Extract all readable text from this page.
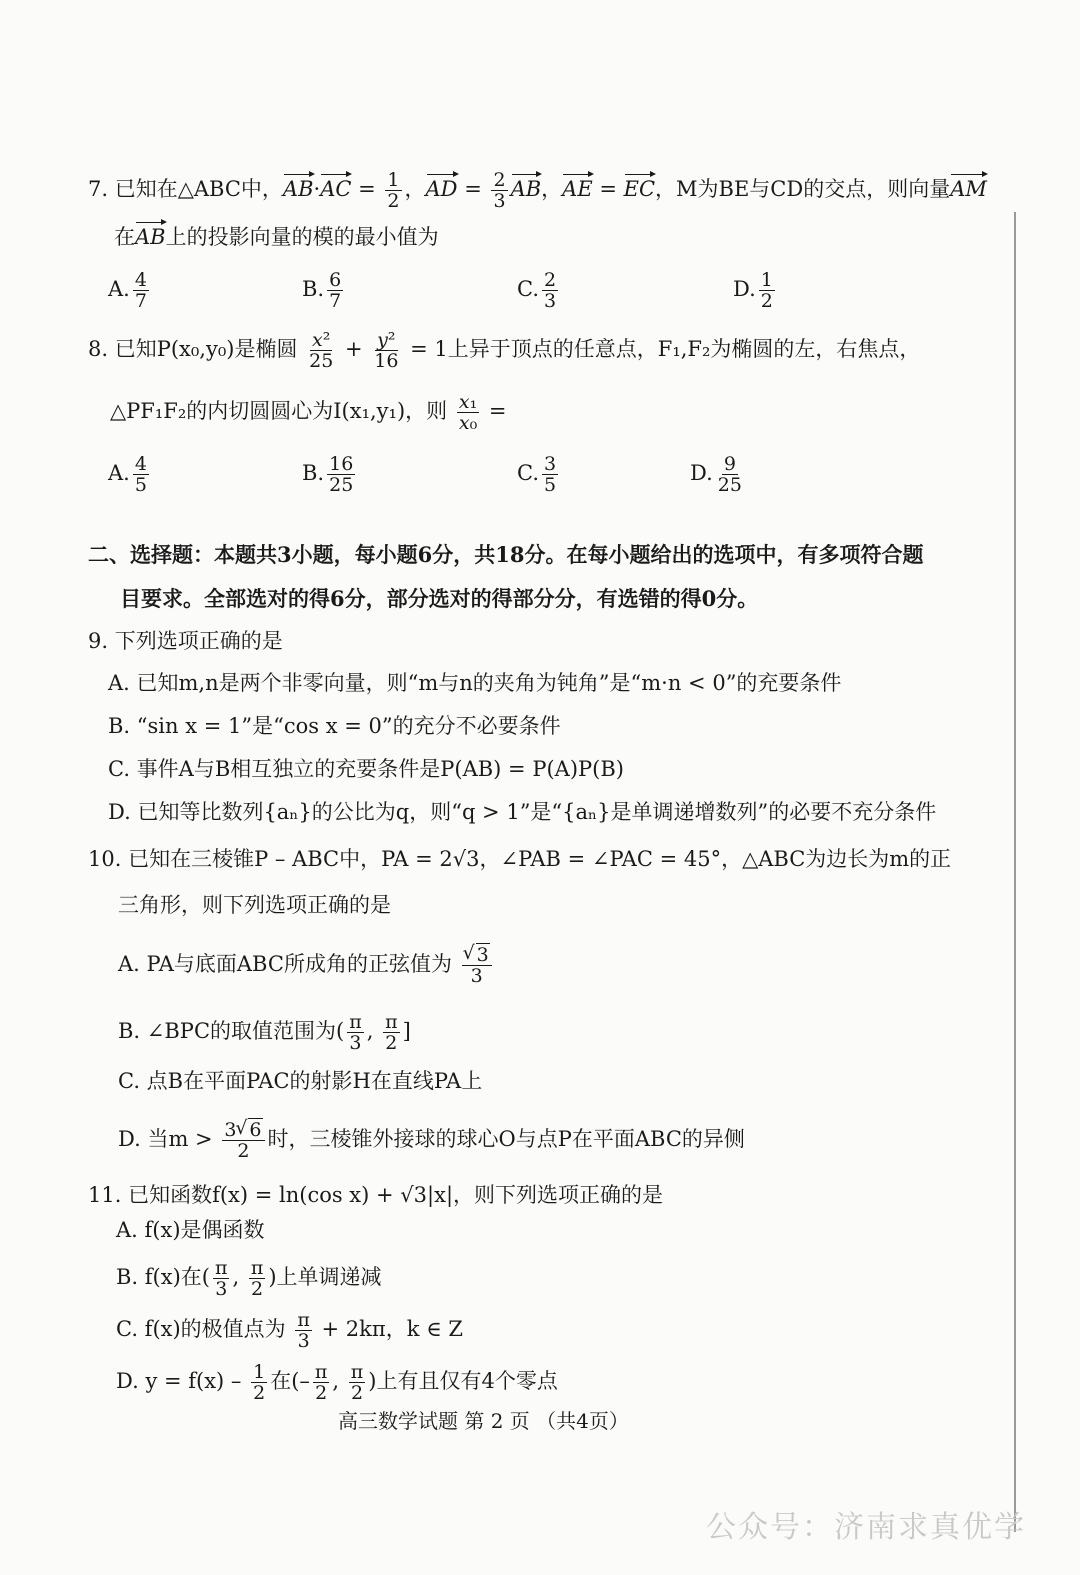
7. 已知在△ABC中，$AB\cdot AC = \frac{1}{2}$ ，AD = $\frac{2}{3}$ AB，AE = EC，M为BE与CD的交点，则向量AM
在AB上的投影向量的模的最小值为
A. $\frac{4}{7}$	B. $\frac{6}{7}$	C. $\frac{2}{3}$	D. $\frac{1}{2}$
8. 已知P(x₀,y₀)是椭圆 $\frac{\text{x²}}{25} + \frac{\text{y²}}{16} = 1$上异于顶点的任意点，F₁,F₂为椭圆的左，右焦点，
△PF₁F₂的内切圆圆心为I(x₁,y₁)，则 $\frac{\text{x₁}}{\text{x₀}}$ =
A. $\frac{4}{5}$	B. $\frac{16}{25}$	C. $\frac{3}{5}$	D. $\frac{9}{25}$
二、选择题：本题共3小题，每小题6分，共18分。在每小题给出的选项中，有多项符合题
目要求。全部选对的得6分，部分选对的得部分分，有选错的得0分。
9. 下列选项正确的是
A. 已知m,n是两个非零向量，则“m与n的夹角为钝角”是“m·n < 0”的充要条件
B. “sin x = 1”是“cos x = 0”的充分不必要条件
C. 事件A与B相互独立的充要条件是P(AB) = P(A)P(B)
D. 已知等比数列{aₙ}的公比为q，则“q > 1”是“{aₙ}是单调递增数列”的必要不充分条件
10. 已知在三棱锥P – ABC中，PA = 2√3，∠PAB = ∠PAC = 45°，△ABC为边长为m的正
三角形，则下列选项正确的是
A. PA与底面ABC所成角的正弦值为 √ $\frac{3}{3}$
B. ∠BPC的取值范围为( $\frac{\pi}{3}$ , $\frac{\pi}{2}$ ]
C. 点B在平面PAC的射影H在直线PA上
D. 当$m > \frac{3 √ 6}{2}$ 时，三棱锥外接球的球心O与点P在平面ABC的异侧
11. 已知函数f(x) = ln(cos x) + √3|x|，则下列选项正确的是
A. f(x)是偶函数
B. f(x)在( $\frac{\pi}{3}$ , $\frac{\pi}{2}$ )上单调递减
C. f(x)的极值点为 $\frac{\pi}{3} + 2k\pi$，k ∈ Z
D. $y = f(x) - \frac{1}{2}$ 在(– $\frac{\pi}{2}$ , $\frac{\pi}{2}$ )上有且仅有4个零点
高三数学试题 第 2 页 （共4页）
公众号：济南求真优学
